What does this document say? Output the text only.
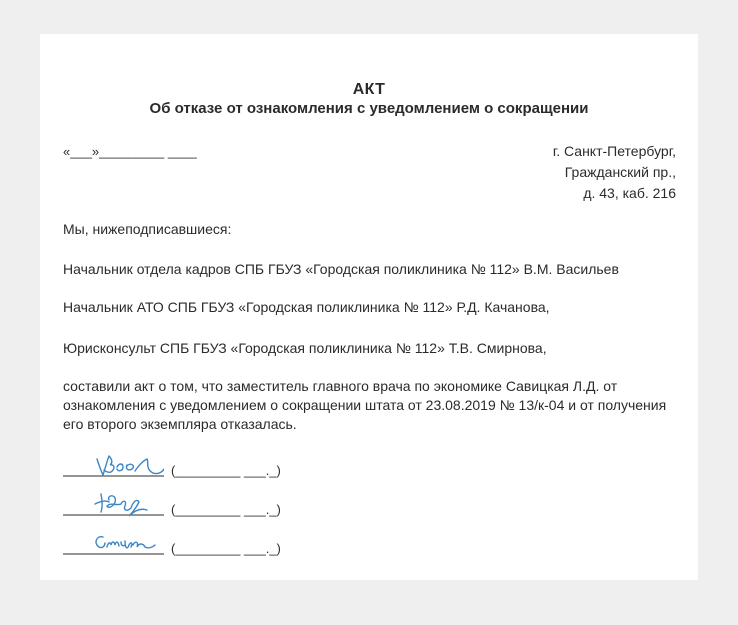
АКТ
Об отказе от ознакомления с уведомлением о сокращении
«___»_________ ____	г. Санкт-Петербург,
Гражданский пр.,
д. 43, каб. 216
Мы, нижеподписавшиеся:
Начальник отдела кадров СПБ ГБУЗ «Городская поликлиника № 112» В.М. Васильев
Начальник АТО СПБ ГБУЗ «Городская поликлиника № 112» Р.Д. Качанова,
Юрисконсульт СПБ ГБУЗ «Городская поликлиника № 112» Т.В. Смирнова,
составили акт о том, что заместитель главного врача по экономике Савицкая Л.Д. от ознакомления с уведомлением о сокращении штата от 23.08.2019 № 13/к-04 и от получения его второго экземпляра отказалась.
(_________ ___._)
(_________ ___._)
(_________ ___._)
